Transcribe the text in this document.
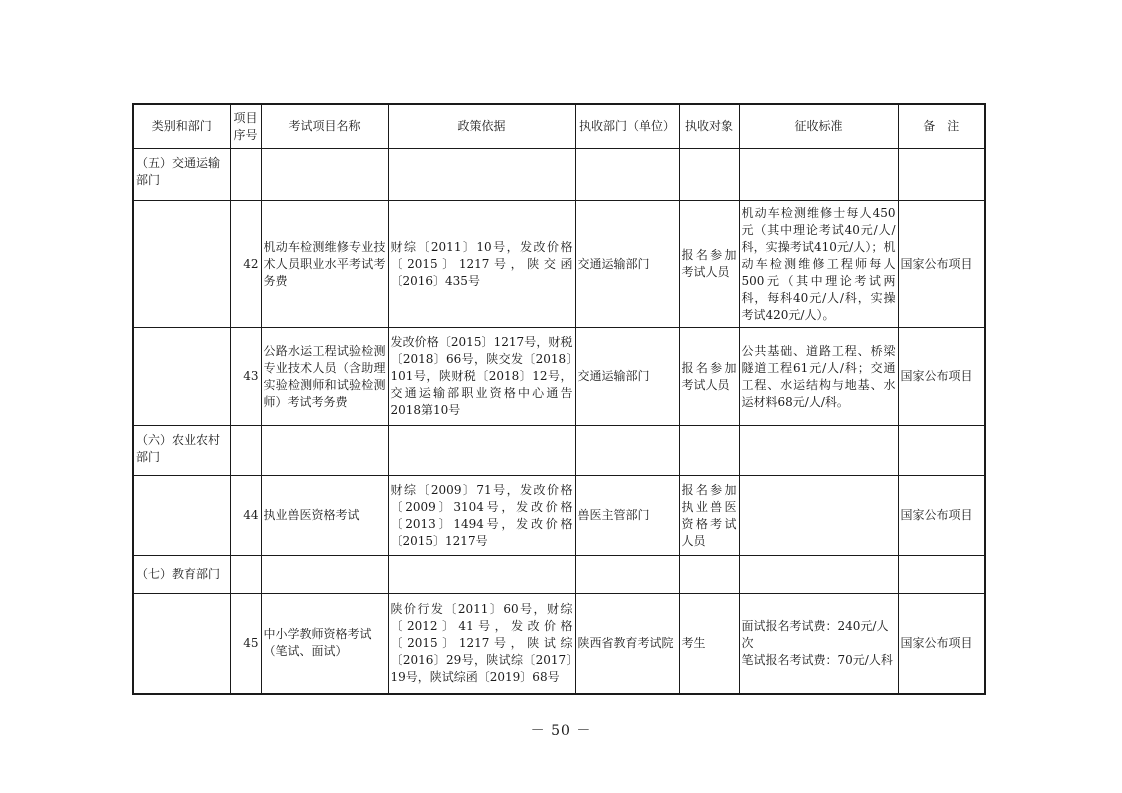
类别和部门	项目序号	考试项目名称	政策依据	执收部门（单位）	执收对象	征收标准	备　注
（五）交通运输部门							
	42	机动车检测维修专业技术人员职业水平考试考务费	财综〔2011〕10号，发改价格〔2015〕1217号，陕交函〔2016〕435号	交通运输部门	报名参加考试人员	机动车检测维修士每人450元（其中理论考试40元/人/科，实操考试410元/人）；机动车检测维修工程师每人500元（其中理论考试两科，每科40元/人/科，实操考试420元/人）。	国家公布项目
	43	公路水运工程试验检测专业技术人员（含助理实验检测师和试验检测师）考试考务费	发改价格〔2015〕1217号，财税〔2018〕66号，陕交发〔2018〕101号，陕财税〔2018〕12号，交通运输部职业资格中心通告2018第10号	交通运输部门	报名参加考试人员	公共基础、道路工程、桥梁隧道工程61元/人/科；交通工程、水运结构与地基、水运材料68元/人/科。	国家公布项目
（六）农业农村部门							
	44	执业兽医资格考试	财综〔2009〕71号，发改价格〔2009〕3104号，发改价格〔2013〕1494号，发改价格〔2015〕1217号	兽医主管部门	报名参加执业兽医资格考试人员		国家公布项目
（七）教育部门							
	45	中小学教师资格考试（笔试、面试）	陕价行发〔2011〕60号，财综〔2012〕41号，发改价格〔2015〕1217号，陕试综〔2016〕29号，陕试综〔2017〕19号，陕试综函〔2019〕68号	陕西省教育考试院	考生	面试报名考试费：240元/人次
笔试报名考试费：70元/人科	国家公布项目
－ 50 －
